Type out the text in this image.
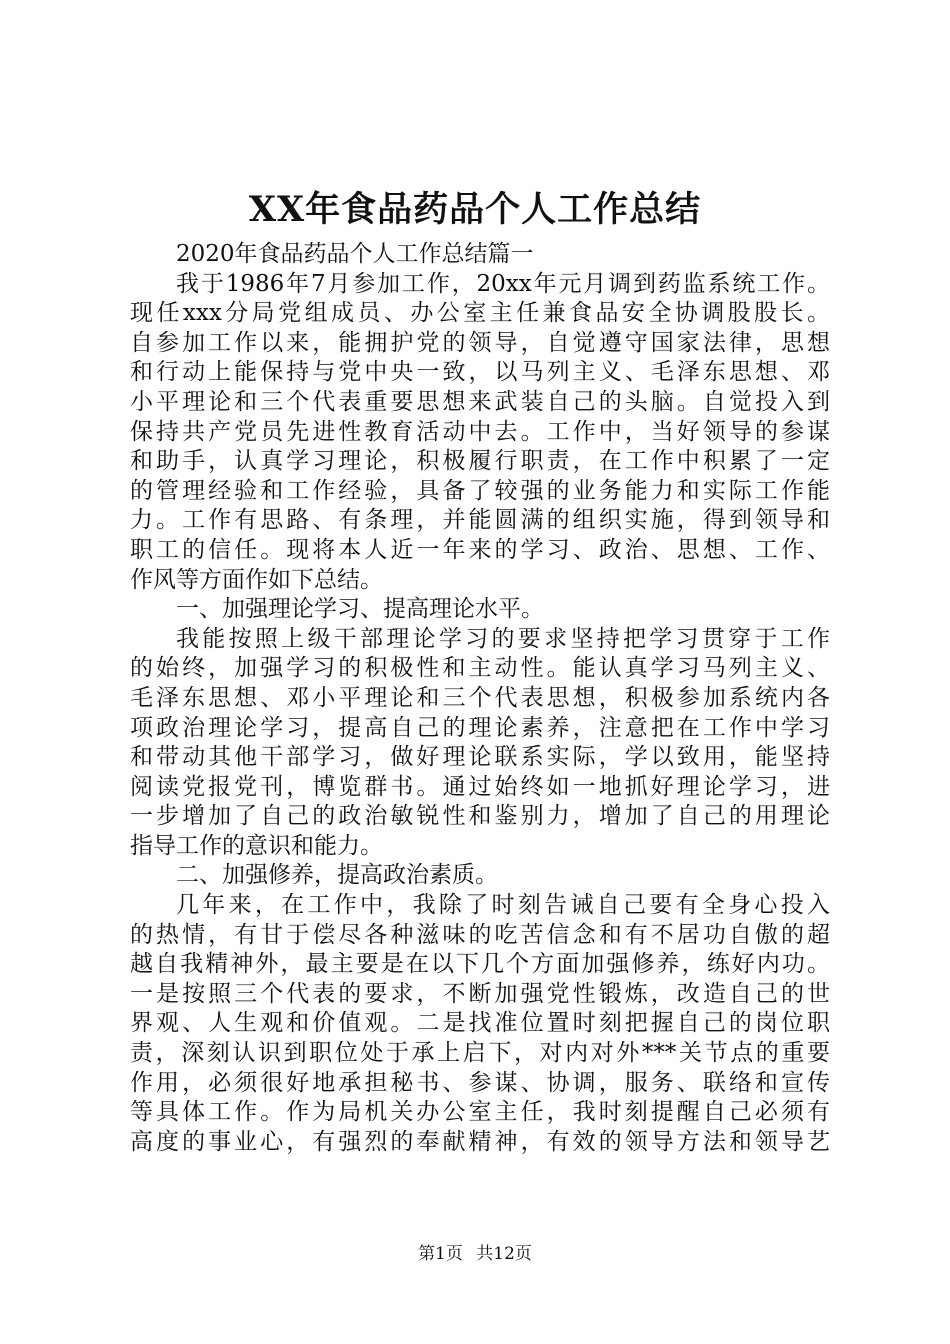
XX年食品药品个人工作总结
2020年食品药品个人工作总结篇一
我于1986年7月参加工作，20xx年元月调到药监系统工作。
现任xxx分局党组成员、办公室主任兼食品安全协调股股长。
自参加工作以来，能拥护党的领导，自觉遵守国家法律，思想
和行动上能保持与党中央一致，以马列主义、毛泽东思想、邓
小平理论和三个代表重要思想来武装自己的头脑。自觉投入到
保持共产党员先进性教育活动中去。工作中，当好领导的参谋
和助手，认真学习理论，积极履行职责，在工作中积累了一定
的管理经验和工作经验，具备了较强的业务能力和实际工作能
力。工作有思路、有条理，并能圆满的组织实施，得到领导和
职工的信任。现将本人近一年来的学习、政治、思想、工作、
作风等方面作如下总结。
一、加强理论学习、提高理论水平。
我能按照上级干部理论学习的要求坚持把学习贯穿于工作
的始终，加强学习的积极性和主动性。能认真学习马列主义、
毛泽东思想、邓小平理论和三个代表思想，积极参加系统内各
项政治理论学习，提高自己的理论素养，注意把在工作中学习
和带动其他干部学习，做好理论联系实际，学以致用，能坚持
阅读党报党刊，博览群书。通过始终如一地抓好理论学习，进
一步增加了自己的政治敏锐性和鉴别力，增加了自己的用理论
指导工作的意识和能力。
二、加强修养，提高政治素质。
几年来，在工作中，我除了时刻告诫自己要有全身心投入
的热情，有甘于偿尽各种滋味的吃苦信念和有不居功自傲的超
越自我精神外，最主要是在以下几个方面加强修养，练好内功。
一是按照三个代表的要求，不断加强党性锻炼，改造自己的世
界观、人生观和价值观。二是找准位置时刻把握自己的岗位职
责，深刻认识到职位处于承上启下，对内对外***关节点的重要
作用，必须很好地承担秘书、参谋、协调，服务、联络和宣传
等具体工作。作为局机关办公室主任，我时刻提醒自己必须有
高度的事业心，有强烈的奉献精神，有效的领导方法和领导艺
第1页 共12页
